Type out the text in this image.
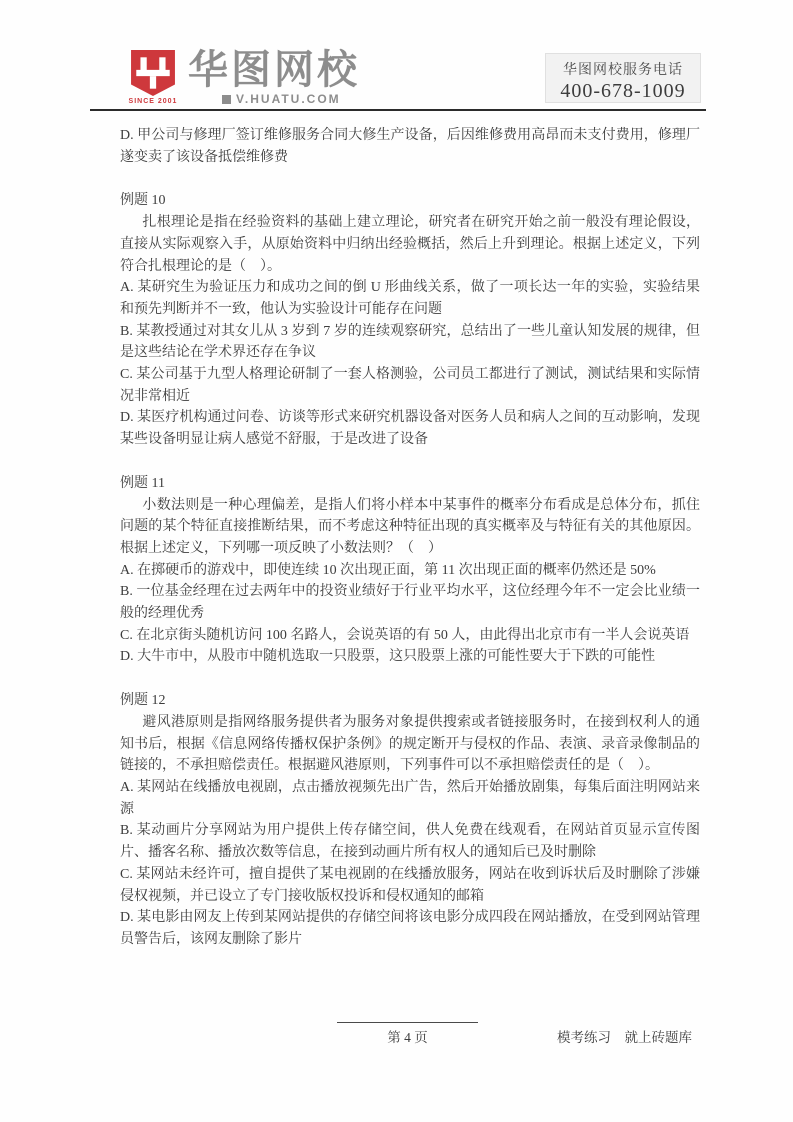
SINCE 2001
华图网校
V.HUATU.COM
华图网校服务电话
400-678-1009

D. 甲公司与修理厂签订维修服务合同大修生产设备，后因维修费用高昂而未支付费用，修理厂遂变卖了该设备抵偿维修费

例题 10

扎根理论是指在经验资料的基础上建立理论，研究者在研究开始之前一般没有理论假设，直接从实际观察入手，从原始资料中归纳出经验概括，然后上升到理论。根据上述定义，下列符合扎根理论的是（　）。

A. 某研究生为验证压力和成功之间的倒 U 形曲线关系，做了一项长达一年的实验，实验结果和预先判断并不一致，他认为实验设计可能存在问题

B. 某教授通过对其女儿从 3 岁到 7 岁的连续观察研究，总结出了一些儿童认知发展的规律，但是这些结论在学术界还存在争议

C. 某公司基于九型人格理论研制了一套人格测验，公司员工都进行了测试，测试结果和实际情况非常相近

D. 某医疗机构通过问卷、访谈等形式来研究机器设备对医务人员和病人之间的互动影响，发现某些设备明显让病人感觉不舒服，于是改进了设备

例题 11

小数法则是一种心理偏差，是指人们将小样本中某事件的概率分布看成是总体分布，抓住问题的某个特征直接推断结果，而不考虑这种特征出现的真实概率及与特征有关的其他原因。根据上述定义，下列哪一项反映了小数法则？（　）

A. 在掷硬币的游戏中，即使连续 10 次出现正面，第 11 次出现正面的概率仍然还是 50%

B. 一位基金经理在过去两年中的投资业绩好于行业平均水平，这位经理今年不一定会比业绩一般的经理优秀

C. 在北京街头随机访问 100 名路人，会说英语的有 50 人，由此得出北京市有一半人会说英语

D. 大牛市中，从股市中随机选取一只股票，这只股票上涨的可能性要大于下跌的可能性

例题 12

避风港原则是指网络服务提供者为服务对象提供搜索或者链接服务时，在接到权利人的通知书后，根据《信息网络传播权保护条例》的规定断开与侵权的作品、表演、录音录像制品的链接的，不承担赔偿责任。根据避风港原则，下列事件可以不承担赔偿责任的是（　）。

A. 某网站在线播放电视剧，点击播放视频先出广告，然后开始播放剧集，每集后面注明网站来源

B. 某动画片分享网站为用户提供上传存储空间，供人免费在线观看，在网站首页显示宣传图片、播客名称、播放次数等信息，在接到动画片所有权人的通知后已及时删除

C. 某网站未经许可，擅自提供了某电视剧的在线播放服务，网站在收到诉状后及时删除了涉嫌侵权视频，并已设立了专门接收版权投诉和侵权通知的邮箱

D. 某电影由网友上传到某网站提供的存储空间将该电影分成四段在网站播放，在受到网站管理员警告后，该网友删除了影片

第 4 页	模考练习　就上砖题库
